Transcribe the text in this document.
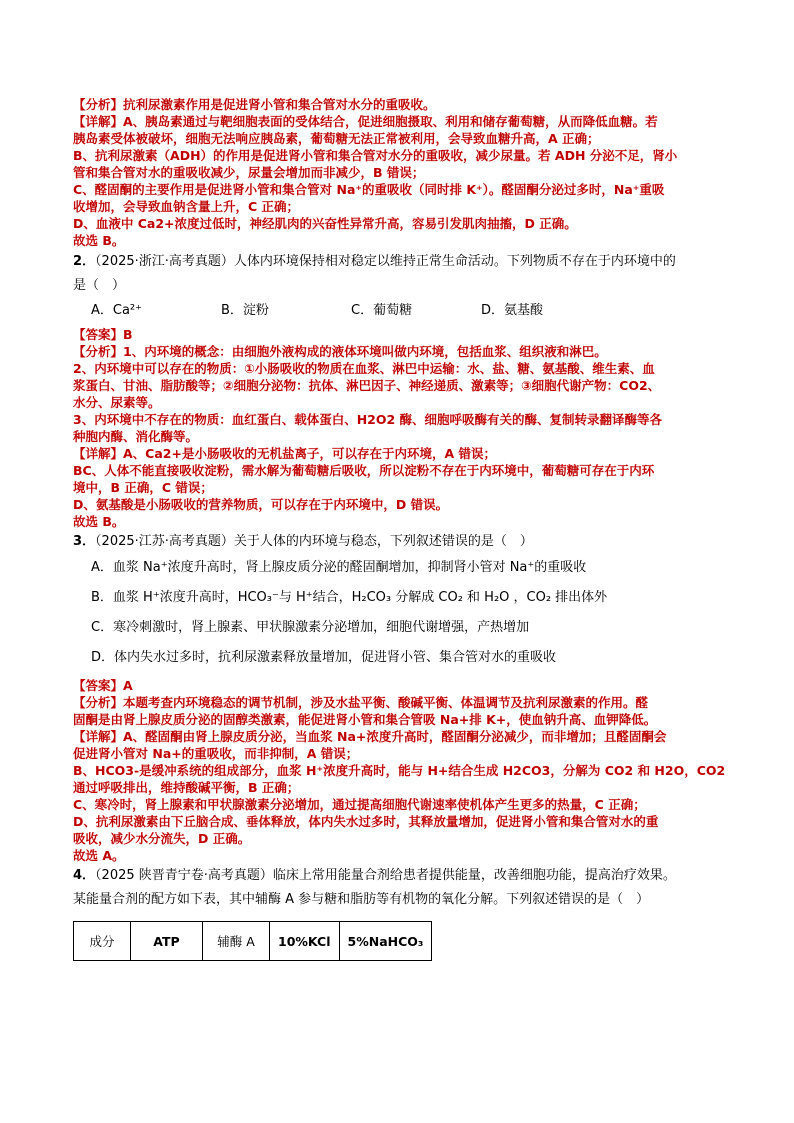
【分析】抗利尿激素作用是促进肾小管和集合管对水分的重吸收。

【详解】A、胰岛素通过与靶细胞表面的受体结合，促进细胞摄取、利用和储存葡萄糖，从而降低血糖。若

胰岛素受体被破坏，细胞无法响应胰岛素，葡萄糖无法正常被利用，会导致血糖升高，A 正确；

B、抗利尿激素（ADH）的作用是促进肾小管和集合管对水分的重吸收，减少尿量。若 ADH 分泌不足，肾小

管和集合管对水的重吸收减少，尿量会增加而非减少，B 错误；

C、醛固酮的主要作用是促进肾小管和集合管对 Na⁺的重吸收（同时排 K⁺）。醛固酮分泌过多时，Na⁺重吸

收增加，会导致血钠含量上升，C 正确；

D、血液中 Ca2+浓度过低时，神经肌肉的兴奋性异常升高，容易引发肌肉抽搐，D 正确。

故选 B。

2．（2025·浙江·高考真题）人体内环境保持相对稳定以维持正常生命活动。下列物质不存在于内环境中的

是（　）

A．Ca²⁺	B．淀粉	C．葡萄糖	D．氨基酸

【答案】B

【分析】1、内环境的概念：由细胞外液构成的液体环境叫做内环境，包括血浆、组织液和淋巴。

2、内环境中可以存在的物质：①小肠吸收的物质在血浆、淋巴中运输：水、盐、糖、氨基酸、维生素、血

浆蛋白、甘油、脂肪酸等；②细胞分泌物：抗体、淋巴因子、神经递质、激素等；③细胞代谢产物：CO2、

水分、尿素等。

3、内环境中不存在的物质：血红蛋白、载体蛋白、H2O2 酶、细胞呼吸酶有关的酶、复制转录翻译酶等各

种胞内酶、消化酶等。

【详解】A、Ca2+是小肠吸收的无机盐离子，可以存在于内环境，A 错误；

BC、人体不能直接吸收淀粉，需水解为葡萄糖后吸收，所以淀粉不存在于内环境中，葡萄糖可存在于内环

境中，B 正确，C 错误；

D、氨基酸是小肠吸收的营养物质，可以存在于内环境中，D 错误。

故选 B。

3．（2025·江苏·高考真题）关于人体的内环境与稳态，下列叙述错误的是（　）

A．血浆 Na⁺浓度升高时，肾上腺皮质分泌的醛固酮增加，抑制肾小管对 Na⁺的重吸收

B．血浆 H⁺浓度升高时，HCO₃⁻与 H⁺结合，H₂CO₃ 分解成 CO₂ 和 H₂O ，CO₂ 排出体外

C．寒冷刺激时，肾上腺素、甲状腺激素分泌增加，细胞代谢增强，产热增加

D．体内失水过多时，抗利尿激素释放量增加，促进肾小管、集合管对水的重吸收

【答案】A

【分析】本题考查内环境稳态的调节机制，涉及水盐平衡、酸碱平衡、体温调节及抗利尿激素的作用。醛

固酮是由肾上腺皮质分泌的固醇类激素，能促进肾小管和集合管吸 Na+排 K+，使血钠升高、血钾降低。

【详解】A、醛固酮由肾上腺皮质分泌，当血浆 Na+浓度升高时，醛固酮分泌减少，而非增加；且醛固酮会

促进肾小管对 Na+的重吸收，而非抑制，A 错误；

B、HCO3-是缓冲系统的组成部分，血浆 H⁺浓度升高时，能与 H+结合生成 H2CO3，分解为 CO2 和 H2O，CO2

通过呼吸排出，维持酸碱平衡，B 正确；

C、寒冷时，肾上腺素和甲状腺激素分泌增加，通过提高细胞代谢速率使机体产生更多的热量，C 正确；

D、抗利尿激素由下丘脑合成、垂体释放，体内失水过多时，其释放量增加，促进肾小管和集合管对水的重

吸收，减少水分流失，D 正确。

故选 A。

4．（2025 陕晋青宁卷·高考真题）临床上常用能量合剂给患者提供能量，改善细胞功能，提高治疗效果。

某能量合剂的配方如下表，其中辅酶 A 参与糖和脂肪等有机物的氧化分解。下列叙述错误的是（　）

成分	ATP	辅酶 A	10%KCl	5%NaHCO₃
